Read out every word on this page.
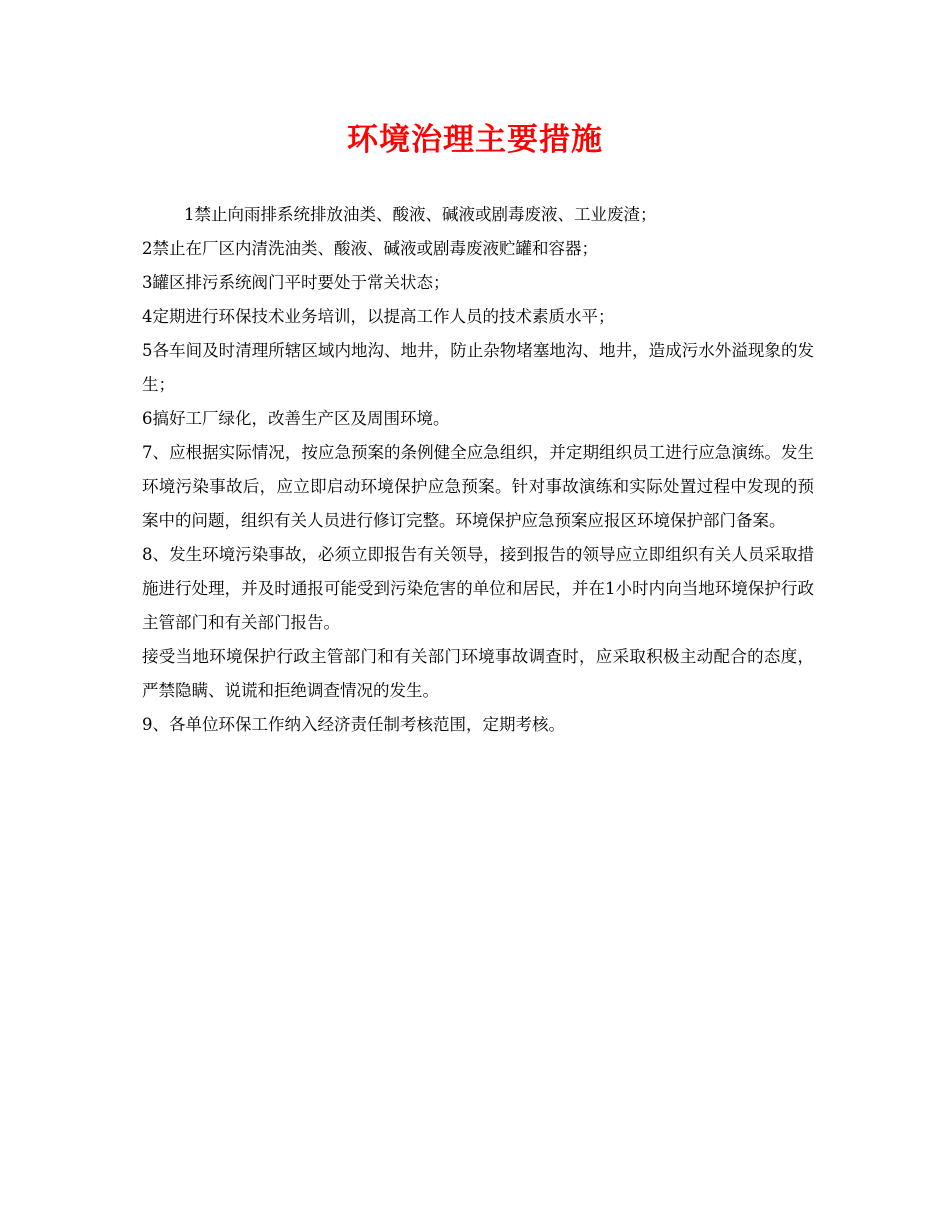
环境治理主要措施

1禁止向雨排系统排放油类、酸液、碱液或剧毒废液、工业废渣；

2禁止在厂区内清洗油类、酸液、碱液或剧毒废液贮罐和容器；

3罐区排污系统阀门平时要处于常关状态；

4定期进行环保技术业务培训，以提高工作人员的技术素质水平；

5各车间及时清理所辖区域内地沟、地井，防止杂物堵塞地沟、地井，造成污水外溢现象的发生；

6搞好工厂绿化，改善生产区及周围环境。

7、应根据实际情况，按应急预案的条例健全应急组织，并定期组织员工进行应急演练。发生环境污染事故后，应立即启动环境保护应急预案。针对事故演练和实际处置过程中发现的预案中的问题，组织有关人员进行修订完整。环境保护应急预案应报区环境保护部门备案。

8、发生环境污染事故，必须立即报告有关领导，接到报告的领导应立即组织有关人员采取措施进行处理，并及时通报可能受到污染危害的单位和居民，并在1小时内向当地环境保护行政主管部门和有关部门报告。

接受当地环境保护行政主管部门和有关部门环境事故调查时，应采取积极主动配合的态度，严禁隐瞒、说谎和拒绝调查情况的发生。

9、各单位环保工作纳入经济责任制考核范围，定期考核。
